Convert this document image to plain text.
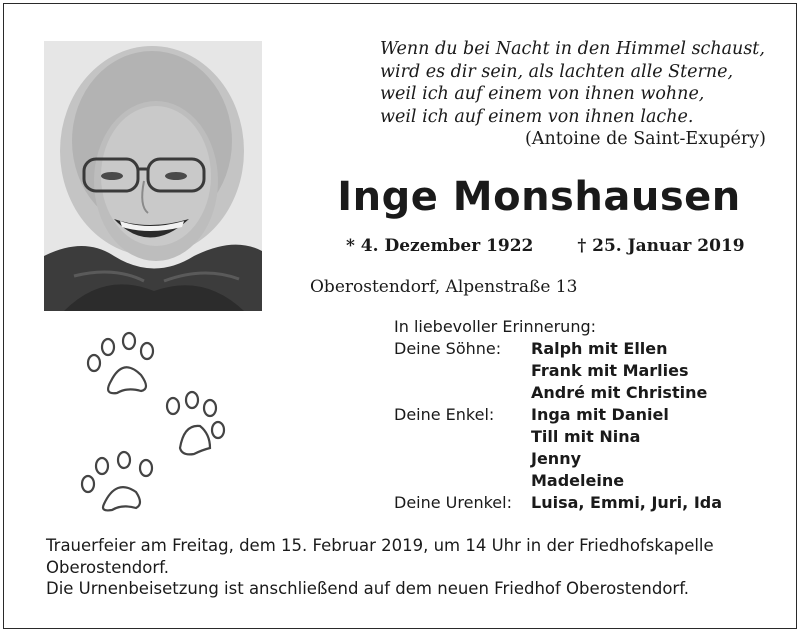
Wenn du bei Nacht in den Himmel schaust,
wird es dir sein, als lachten alle Sterne,
weil ich auf einem von ihnen wohne,
weil ich auf einem von ihnen lache.
(Antoine de Saint-Exupéry)
Inge Monshausen
* 4. Dezember 1922	† 25. Januar 2019
Oberostendorf, Alpenstraße 13
In liebevoller Erinnerung:
Deine Söhne:	Ralph mit Ellen
Frank mit Marlies
André mit Christine
Deine Enkel:	Inga mit Daniel
Till mit Nina
Jenny
Madeleine
Deine Urenkel:	Luisa, Emmi, Juri, Ida

Trauerfeier am Freitag, dem 15. Februar 2019, um 14 Uhr in der Friedhofskapelle Oberostendorf.

Die Urnenbeisetzung ist anschließend auf dem neuen Friedhof Oberostendorf.
